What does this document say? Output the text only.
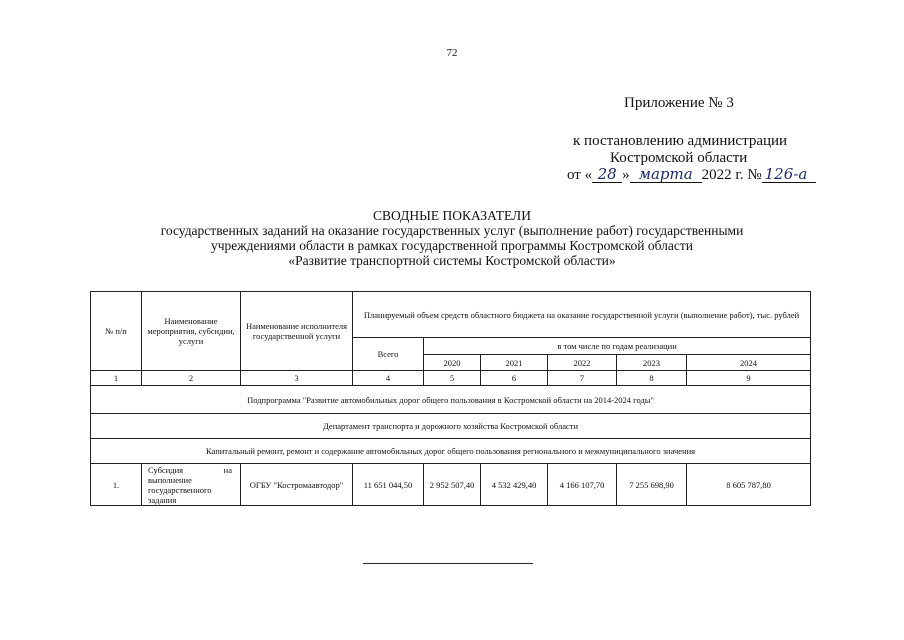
72
Приложение № 3
к постановлению администрации
Костромской области
от « 28 » марта 2022 г. № 126-а
СВОДНЫЕ ПОКАЗАТЕЛИ
государственных заданий на оказание государственных услуг (выполнение работ) государственными
учреждениями области в рамках государственной программы Костромской области
«Развитие транспортной системы Костромской области»
№ п/п	Наименование мероприятия, субсидии, услуги	Наименование исполнителя государственной услуги	Планируемый объем средств областного бюджета на оказание государственной услуги (выполнение работ), тыс. рублей					
			Всего	в том числе по годам реализации				
				2020	2021	2022	2023	2024
1	2	3	4	5	6	7	8	9
Подпрограмма "Развитие автомобильных дорог общего пользования в Костромской области на 2014-2024 годы"								
Департамент транспорта и дорожного хозяйства Костромской области								
Капитальный ремонт, ремонт и содержание автомобильных дорог общего пользования регионального и межмуниципального значения								
1.	Субсидия на выполнение государственного задания	ОГБУ "Костромаавтодор"	11 651 044,50	2 952 507,40	4 532 429,40	4 166 107,70	7 255 698,90	8 605 787,80
